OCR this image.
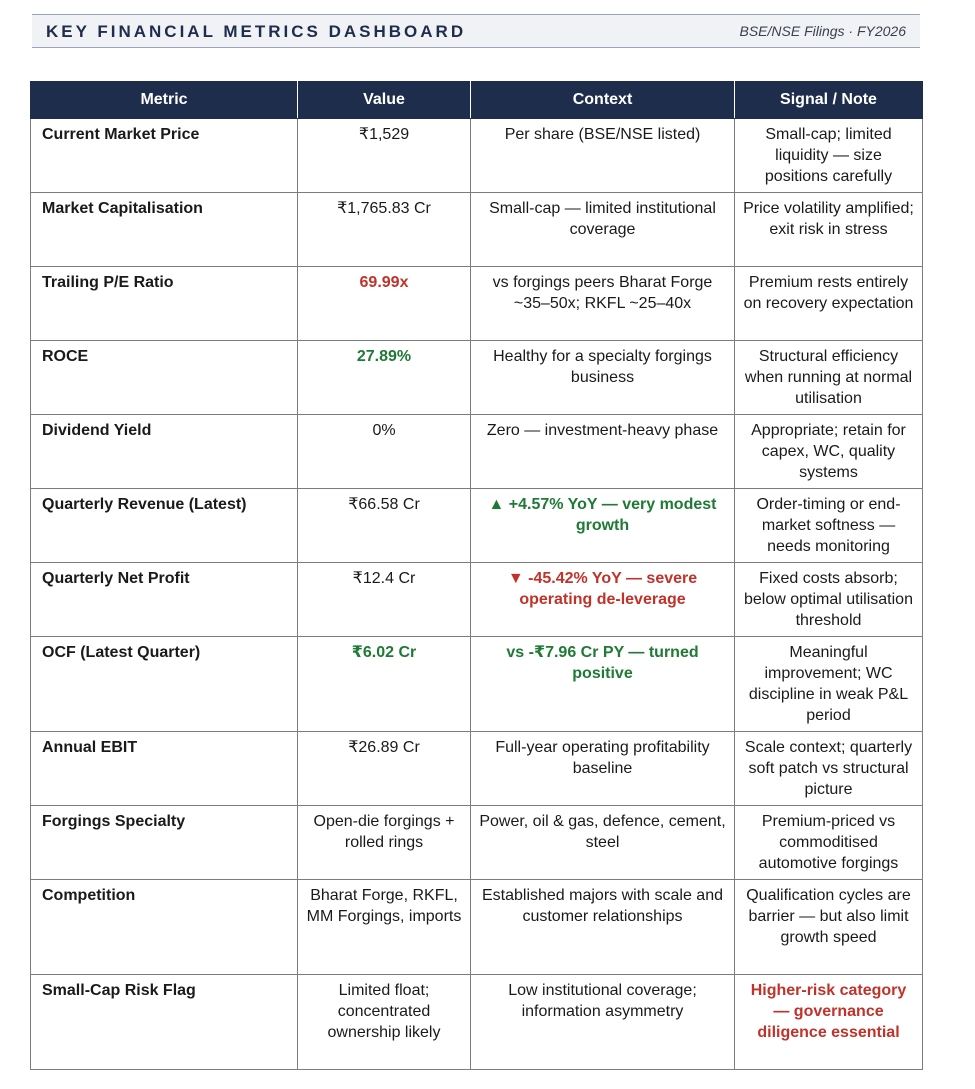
KEY FINANCIAL METRICS DASHBOARD	BSE/NSE Filings · FY2026
Metric	Value	Context	Signal / Note
Current Market Price	₹1,529	Per share (BSE/NSE listed)	Small-cap; limited liquidity — size positions carefully
Market Capitalisation	₹1,765.83 Cr	Small-cap — limited institutional coverage	Price volatility amplified; exit risk in stress
Trailing P/E Ratio	69.99x	vs forgings peers Bharat Forge ~35–50x; RKFL ~25–40x	Premium rests entirely on recovery expectation
ROCE	27.89%	Healthy for a specialty forgings business	Structural efficiency when running at normal utilisation
Dividend Yield	0%	Zero — investment-heavy phase	Appropriate; retain for capex, WC, quality systems
Quarterly Revenue (Latest)	₹66.58 Cr	▲ +4.57% YoY — very modest growth	Order-timing or end-market softness — needs monitoring
Quarterly Net Profit	₹12.4 Cr	▼ -45.42% YoY — severe operating de-leverage	Fixed costs absorb; below optimal utilisation threshold
OCF (Latest Quarter)	₹6.02 Cr	vs -₹7.96 Cr PY — turned positive	Meaningful improvement; WC discipline in weak P&L period
Annual EBIT	₹26.89 Cr	Full-year operating profitability baseline	Scale context; quarterly soft patch vs structural picture
Forgings Specialty	Open-die forgings + rolled rings	Power, oil & gas, defence, cement, steel	Premium-priced vs commoditised automotive forgings
Competition	Bharat Forge, RKFL, MM Forgings, imports	Established majors with scale and customer relationships	Qualification cycles are barrier — but also limit growth speed
Small-Cap Risk Flag	Limited float; concentrated ownership likely	Low institutional coverage; information asymmetry	Higher-risk category — governance diligence essential
